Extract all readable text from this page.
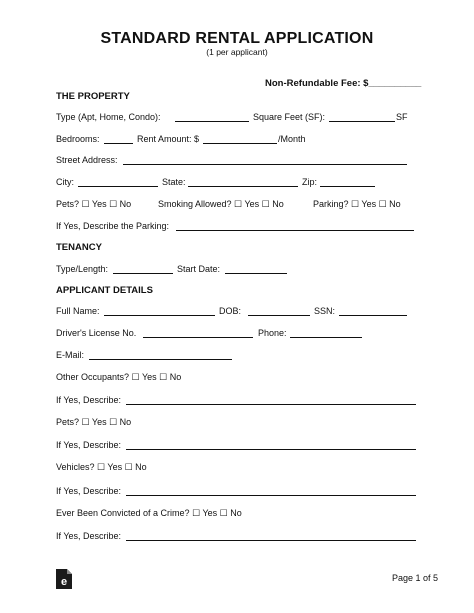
STANDARD RENTAL APPLICATION
(1 per applicant)
Non-Refundable Fee: $__________
THE PROPERTY
Type (Apt, Home, Condo):	Square Feet (SF):	SF
Bedrooms:	Rent Amount: $	/Month
Street Address:
City:	State:	Zip:
Pets? ☐ Yes ☐ No	Smoking Allowed? ☐ Yes ☐ No	Parking? ☐ Yes ☐ No
If Yes, Describe the Parking:
TENANCY
Type/Length:	Start Date:
APPLICANT DETAILS
Full Name:	DOB:	SSN:
Driver's License No.	Phone:
E-Mail:
Other Occupants? ☐ Yes ☐ No
If Yes, Describe:
Pets? ☐ Yes ☐ No
If Yes, Describe:
Vehicles? ☐ Yes ☐ No
If Yes, Describe:
Ever Been Convicted of a Crime? ☐ Yes ☐ No
If Yes, Describe:
e	Page 1 of 5
